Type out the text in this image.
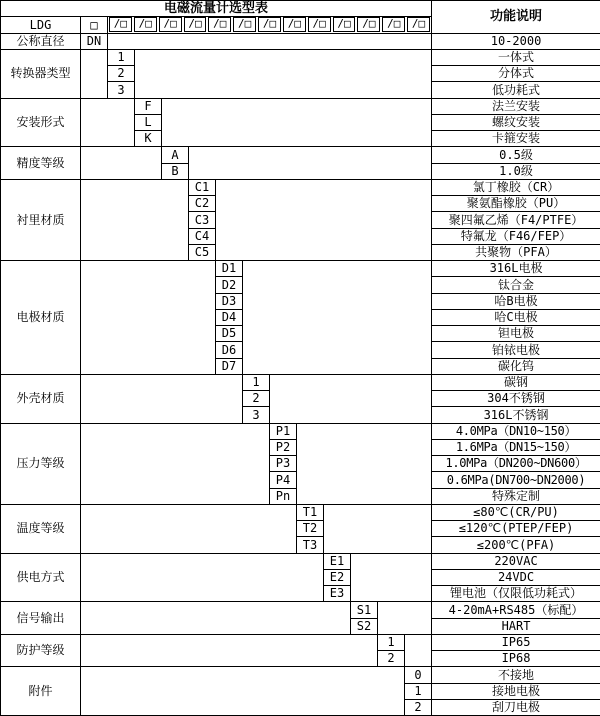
电磁流量计选型表														功能说明
LDG	□	/□	/□	/□	/□	/□	/□	/□	/□	/□	/□	/□	/□	/□

公称直径	DN													10-2000
转换器类型		1												一体式
		2												分体式
		3												低功耗式
安装形式			F											法兰安装
			L											螺纹安装
			K											卡箍安装
精度等级				A										0.5级
				B										1.0级
衬里材质					C1									氯丁橡胶（CR）
					C2									聚氨酯橡胶（PU）
					C3									聚四氟乙烯（F4/PTFE）
					C4									特氟龙（F46/FEP）
					C5									共聚物（PFA）
电极材质						D1								316L电极
						D2								钛合金
						D3								哈B电极
						D4								哈C电极
						D5								钽电极
						D6								铂铱电极
						D7								碳化钨
外壳材质							1							碳钢
							2							304不锈钢
							3							316L不锈钢
压力等级								P1						4.0MPa（DN10~150）
								P2						1.6MPa（DN15~150）
								P3						1.0MPa（DN200~DN600）
								P4						0.6MPa(DN700~DN2000)
								Pn						特殊定制
温度等级									T1					≤80℃(CR/PU)
									T2					≤120℃(PTEP/FEP)
									T3					≤200℃(PFA)
供电方式										E1				220VAC
										E2				24VDC
										E3				锂电池（仅限低功耗式）
信号输出											S1			4-20mA+RS485（标配）
											S2			HART
防护等级												1		IP65
												2		IP68
附件													0	不接地
													1	接地电极
													2	刮刀电极
